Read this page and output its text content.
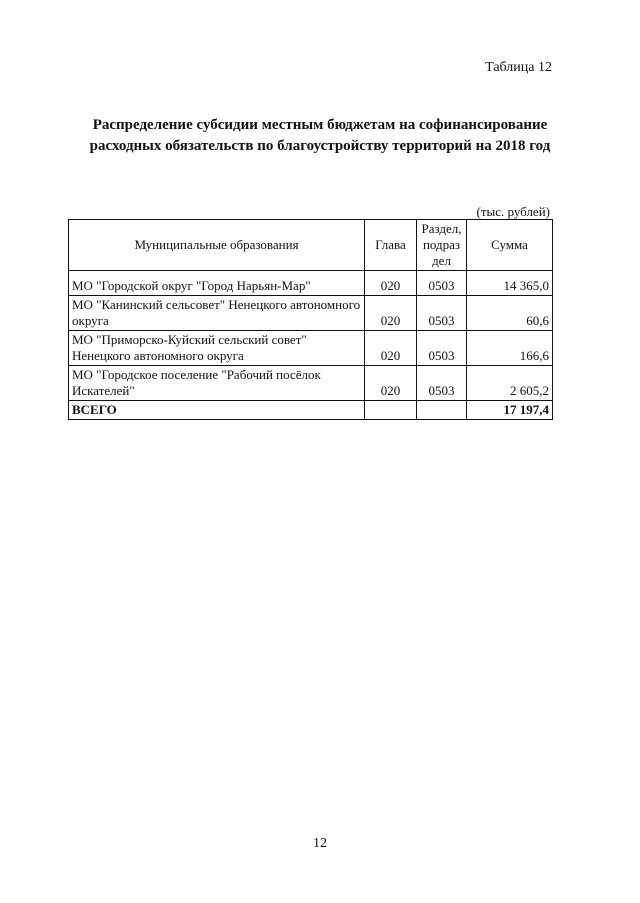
Таблица 12
Распределение субсидии местным бюджетам на софинансирование расходных обязательств по благоустройству территорий на 2018 год
(тыс. рублей)
Муниципальные образования	Глава	Раздел, подраз дел	Сумма
МО "Городской округ "Город Нарьян-Мар"	020	0503	14 365,0
МО "Канинский сельсовет" Ненецкого автономного округа	020	0503	60,6
МО "Приморско-Куйский сельский совет" Ненецкого автономного округа	020	0503	166,6
МО "Городское поселение "Рабочий посёлок Искателей"	020	0503	2 605,2
ВСЕГО			17 197,4
12
